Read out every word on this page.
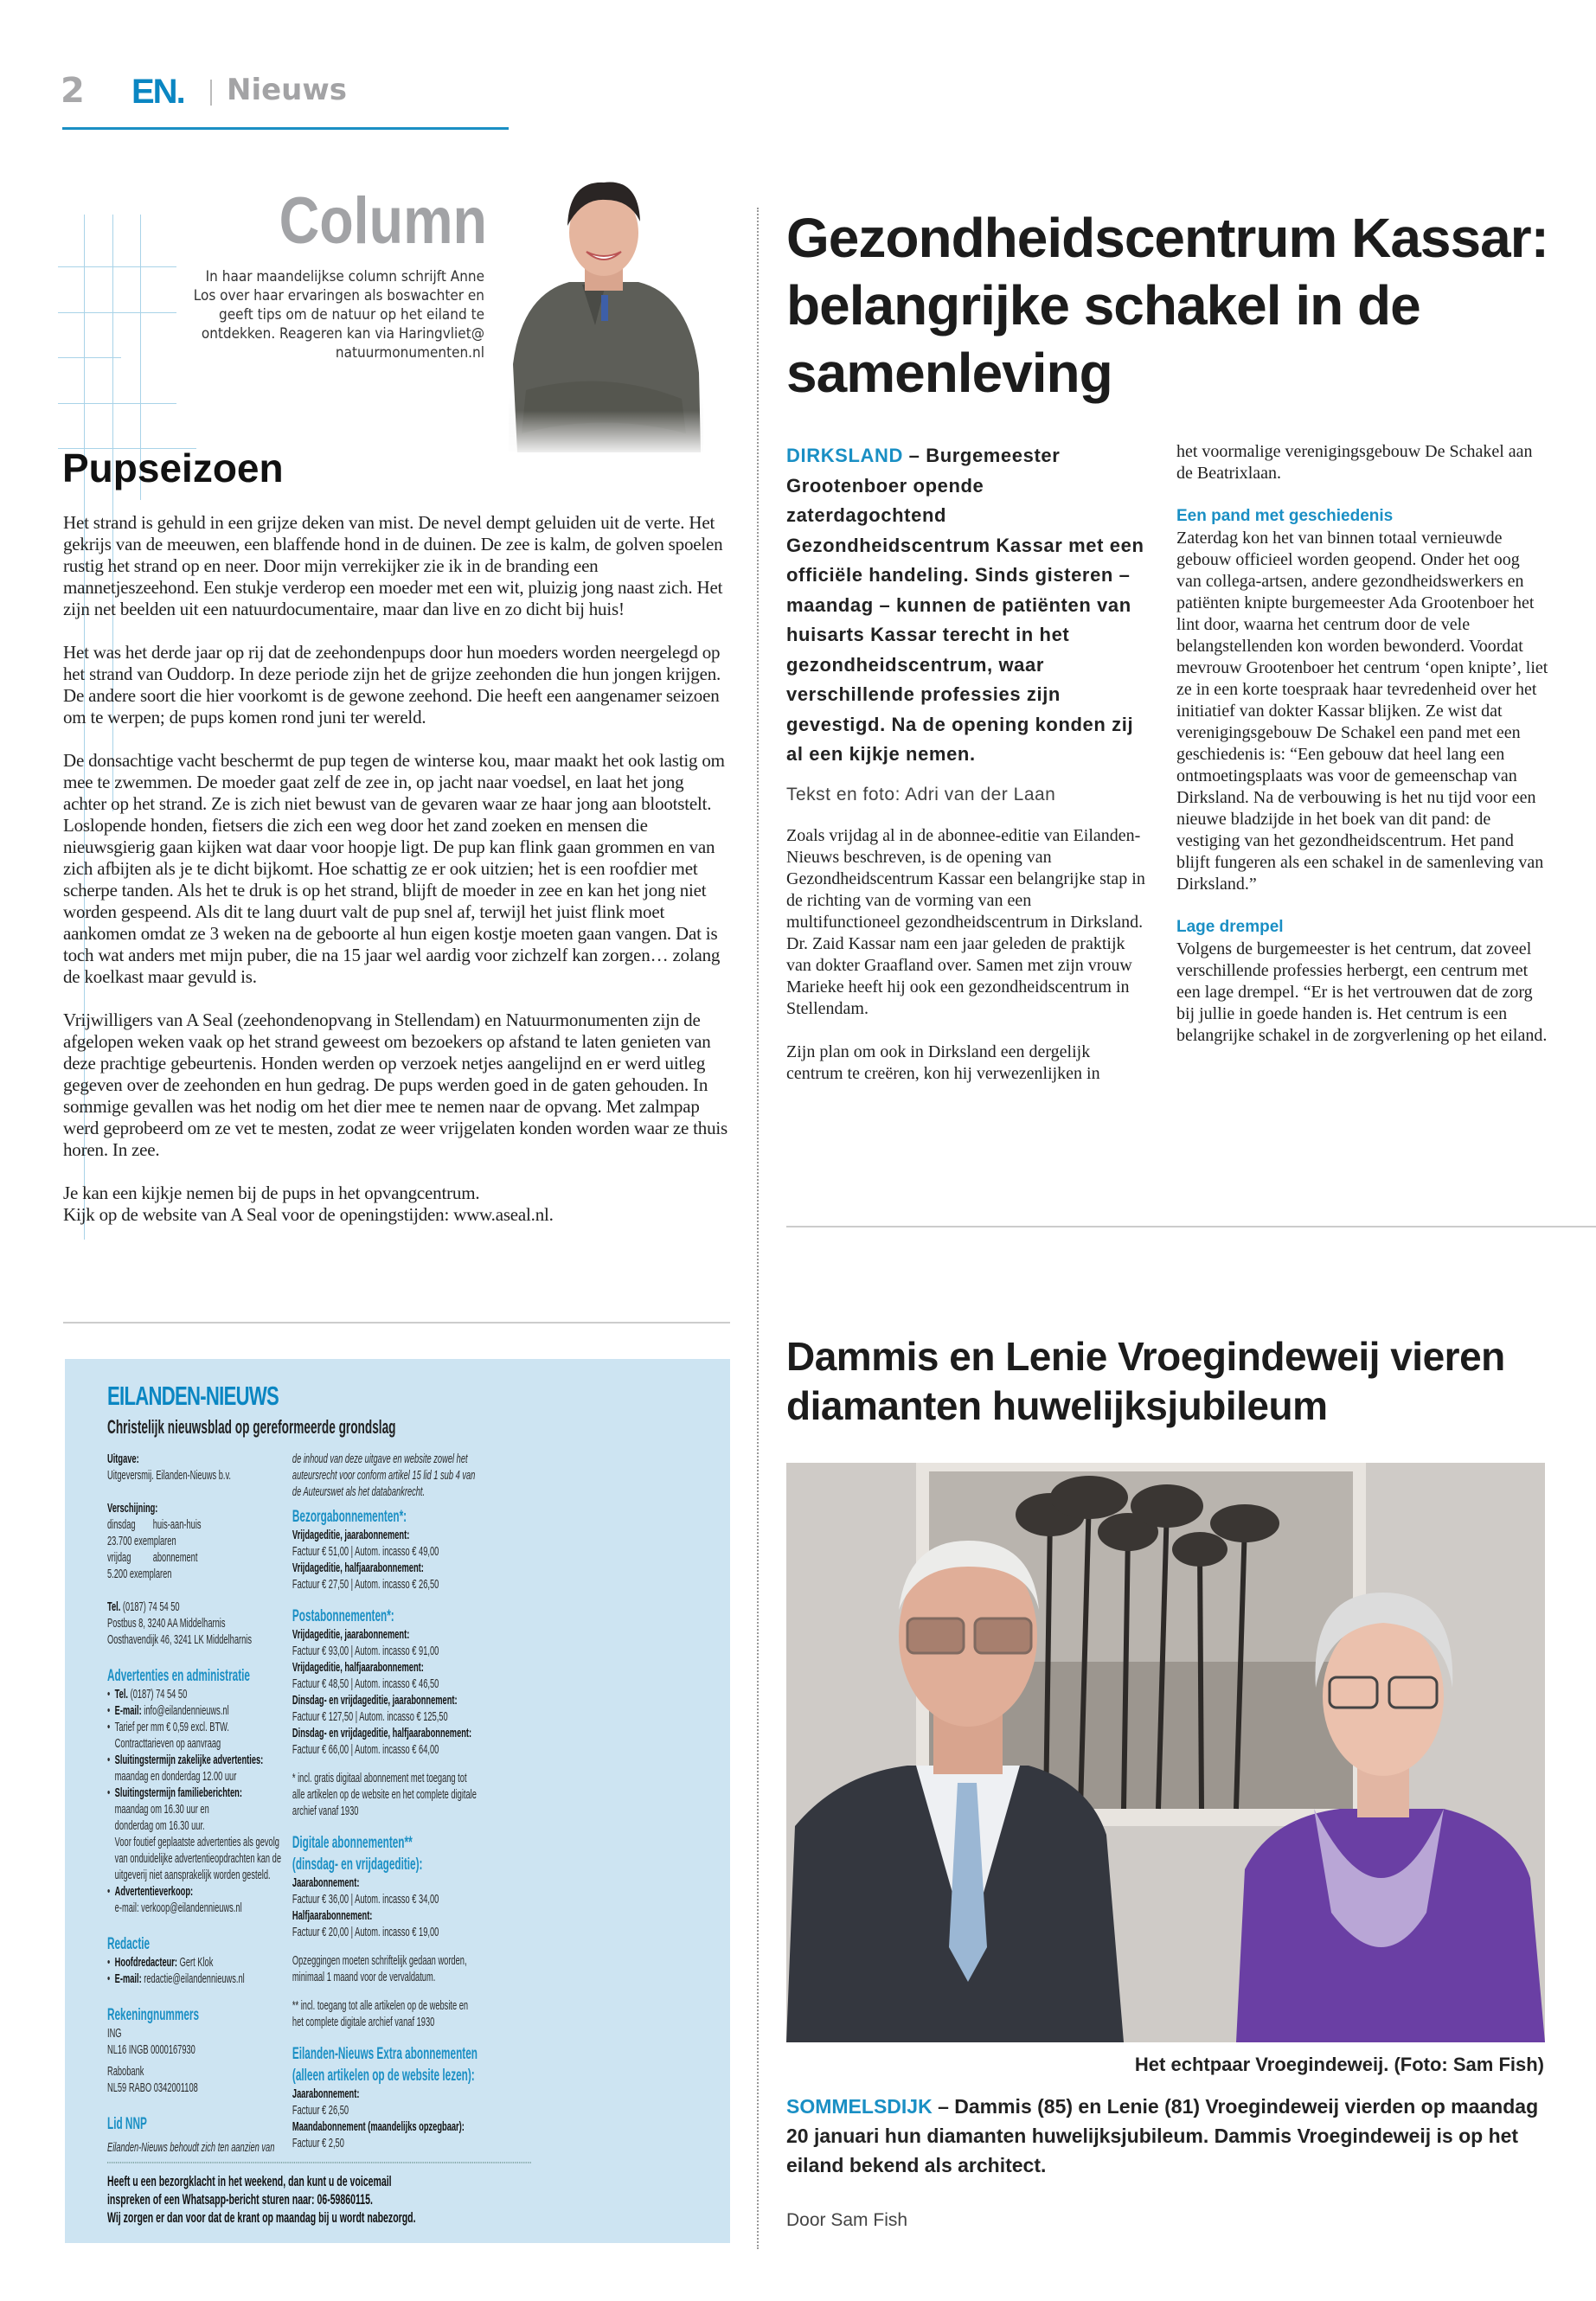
2 EN. Nieuws
Column
In haar maandelijkse column schrijft Anne Los over haar ervaringen als boswachter en geeft tips om de natuur op het eiland te ontdekken. Reageren kan via Haringvliet@ natuurmonumenten.nl
Pupseizoen

Het strand is gehuld in een grijze deken van mist. De nevel dempt geluiden uit de verte. Het gekrijs van de meeuwen, een blaffende hond in de duinen. De zee is kalm, de golven spoelen rustig het strand op en neer. Door mijn verrekijker zie ik in de branding een mannetjeszeehond. Een stukje verderop een moeder met een wit, pluizig jong naast zich. Het zijn net beelden uit een natuurdocumentaire, maar dan live en zo dicht bij huis!

Het was het derde jaar op rij dat de zeehondenpups door hun moeders worden neergelegd op het strand van Ouddorp. In deze periode zijn het de grijze zeehonden die hun jongen krijgen. De andere soort die hier voorkomt is de gewone zeehond. Die heeft een aangenamer seizoen om te werpen; de pups komen rond juni ter wereld.

De donsachtige vacht beschermt de pup tegen de winterse kou, maar maakt het ook lastig om mee te zwemmen. De moeder gaat zelf de zee in, op jacht naar voedsel, en laat het jong achter op het strand. Ze is zich niet bewust van de gevaren waar ze haar jong aan blootstelt. Loslopende honden, fietsers die zich een weg door het zand zoeken en mensen die nieuwsgierig gaan kijken wat daar voor hoopje ligt. De pup kan flink gaan grommen en van zich afbijten als je te dicht bijkomt. Hoe schattig ze er ook uitzien; het is een roofdier met scherpe tanden. Als het te druk is op het strand, blijft de moeder in zee en kan het jong niet worden gespeend. Als dit te lang duurt valt de pup snel af, terwijl het juist flink moet aankomen omdat ze 3 weken na de geboorte al hun eigen kostje moeten gaan vangen. Dat is toch wat anders met mijn puber, die na 15 jaar wel aardig voor zichzelf kan zorgen… zolang de koelkast maar gevuld is.

Vrijwilligers van A Seal (zeehondenopvang in Stellendam) en Natuurmonumenten zijn de afgelopen weken vaak op het strand geweest om bezoekers op afstand te laten genieten van deze prachtige gebeurtenis. Honden werden op verzoek netjes aangelijnd en er werd uitleg gegeven over de zeehonden en hun gedrag. De pups werden goed in de gaten gehouden. In sommige gevallen was het nodig om het dier mee te nemen naar de opvang. Met zalmpap werd geprobeerd om ze vet te mesten, zodat ze weer vrijgelaten konden worden waar ze thuis horen. In zee.

Je kan een kijkje nemen bij de pups in het opvangcentrum.
Kijk op de website van A Seal voor de openingstijden: www.aseal.nl.

EILANDEN-NIEUWS
Christelijk nieuwsblad op gereformeerde grondslag
Uitgave:
Uitgeversmij. Eilanden-Nieuws b.v.
Verschijning:
dinsdag huis-aan-huis23.700 exemplaren
vrijdag abonnement5.200 exemplaren
Tel. (0187) 74 54 50
Postbus 8, 3240 AA Middelharnis
Oosthavendijk 46, 3241 LK Middelharnis
Advertenties en administratie
• Tel. (0187) 74 54 50
• E-mail: info@eilandennieuws.nl
• Tarief per mm € 0,59 excl. BTW.
Contracttarieven op aanvraag
• Sluitingstermijn zakelijke advertenties:
maandag en donderdag 12.00 uur
• Sluitingstermijn familieberichten:
maandag om 16.30 uur en
donderdag om 16.30 uur.
Voor foutief geplaatste advertenties als gevolg
van onduidelijke advertentieopdrachten kan de
uitgeverij niet aansprakelijk worden gesteld.
• Advertentieverkoop:
e-mail: verkoop@eilandennieuws.nl
Redactie
• Hoofdredacteur: Gert Klok
• E-mail: redactie@eilandennieuws.nl
Rekeningnummers
ING
NL16 INGB 0000167930
Rabobank
NL59 RABO 0342001108
Lid NNP
Eilanden-Nieuws behoudt zich ten aanzien van
de inhoud van deze uitgave en website zowel het
auteursrecht voor conform artikel 15 lid 1 sub 4 van
de Auteurswet als het databankrecht.
Bezorgabonnementen*:
Vrijdageditie, jaarabonnement:
Factuur € 51,00 | Autom. incasso € 49,00
Vrijdageditie, halfjaarabonnement:
Factuur € 27,50 | Autom. incasso € 26,50
Postabonnementen*:
Vrijdageditie, jaarabonnement:
Factuur € 93,00 | Autom. incasso € 91,00
Vrijdageditie, halfjaarabonnement:
Factuur € 48,50 | Autom. incasso € 46,50
Dinsdag- en vrijdageditie, jaarabonnement:
Factuur € 127,50 | Autom. incasso € 125,50
Dinsdag- en vrijdageditie, halfjaarabonnement:
Factuur € 66,00 | Autom. incasso € 64,00
* incl. gratis digitaal abonnement met toegang tot
alle artikelen op de website en het complete digitale
archief vanaf 1930
Digitale abonnementen**
(dinsdag- en vrijdageditie):
Jaarabonnement:
Factuur € 36,00 | Autom. incasso € 34,00
Halfjaarabonnement:
Factuur € 20,00 | Autom. incasso € 19,00
Opzeggingen moeten schriftelijk gedaan worden,
minimaal 1 maand voor de vervaldatum.
** incl. toegang tot alle artikelen op de website en
het complete digitale archief vanaf 1930
Eilanden-Nieuws Extra abonnementen
(alleen artikelen op de website lezen):
Jaarabonnement:
Factuur € 26,50
Maandabonnement (maandelijks opzegbaar):
Factuur € 2,50
Heeft u een bezorgklacht in het weekend, dan kunt u de voicemail
inspreken of een Whatsapp-bericht sturen naar: 06-59860115.
Wij zorgen er dan voor dat de krant op maandag bij u wordt nabezorgd.
Gezondheidscentrum Kassar: belangrijke schakel in de samenleving
DIRKSLAND – Burgemeester Grootenboer opende zaterdagochtend Gezondheidscentrum Kassar met een officiële handeling. Sinds gisteren – maandag – kunnen de patiënten van huisarts Kassar terecht in het gezondheidscentrum, waar verschillende professies zijn gevestigd. Na de opening konden zij al een kijkje nemen.
Tekst en foto: Adri van der Laan

Zoals vrijdag al in de abonnee-editie van Eilanden-Nieuws beschreven, is de opening van Gezondheidscentrum Kassar een belangrijke stap in de richting van de vorming van een multifunctioneel gezondheidscentrum in Dirksland. Dr. Zaid Kassar nam een jaar geleden de praktijk van dokter Graafland over. Samen met zijn vrouw Marieke heeft hij ook een gezondheidscentrum in Stellendam.

Zijn plan om ook in Dirksland een dergelijk centrum te creëren, kon hij verwezenlijken in

het voormalige verenigingsgebouw De Schakel aan de Beatrixlaan.

Een pand met geschiedenis

Zaterdag kon het van binnen totaal vernieuwde gebouw officieel worden geopend. Onder het oog van collega-artsen, andere gezondheidswerkers en patiënten knipte burgemeester Ada Grootenboer het lint door, waarna het centrum door de vele belangstellenden kon worden bewonderd. Voordat mevrouw Grootenboer het centrum ‘open knipte’, liet ze in een korte toespraak haar tevredenheid over het initiatief van dokter Kassar blijken. Ze wist dat verenigingsgebouw De Schakel een pand met een geschiedenis is: “Een gebouw dat heel lang een ontmoetingsplaats was voor de gemeenschap van Dirksland. Na de verbouwing is het nu tijd voor een nieuwe bladzijde in het boek van dit pand: de vestiging van het gezondheidscentrum. Het pand blijft fungeren als een schakel in de samenleving van Dirksland.”

Lage drempel

Volgens de burgemeester is het centrum, dat zoveel verschillende professies herbergt, een centrum met een lage drempel. “Er is het vertrouwen dat de zorg bij jullie in goede handen is. Het centrum is een belangrijke schakel in de zorgverlening op het eiland.

Dammis en Lenie Vroegindeweij vieren diamanten huwelijksjubileum
Het echtpaar Vroegindeweij. (Foto: Sam Fish)
SOMMELSDIJK – Dammis (85) en Lenie (81) Vroegindeweij vierden op maandag 20 januari hun diamanten huwelijksjubileum. Dammis Vroegindeweij is op het eiland bekend als architect.
Door Sam Fish
